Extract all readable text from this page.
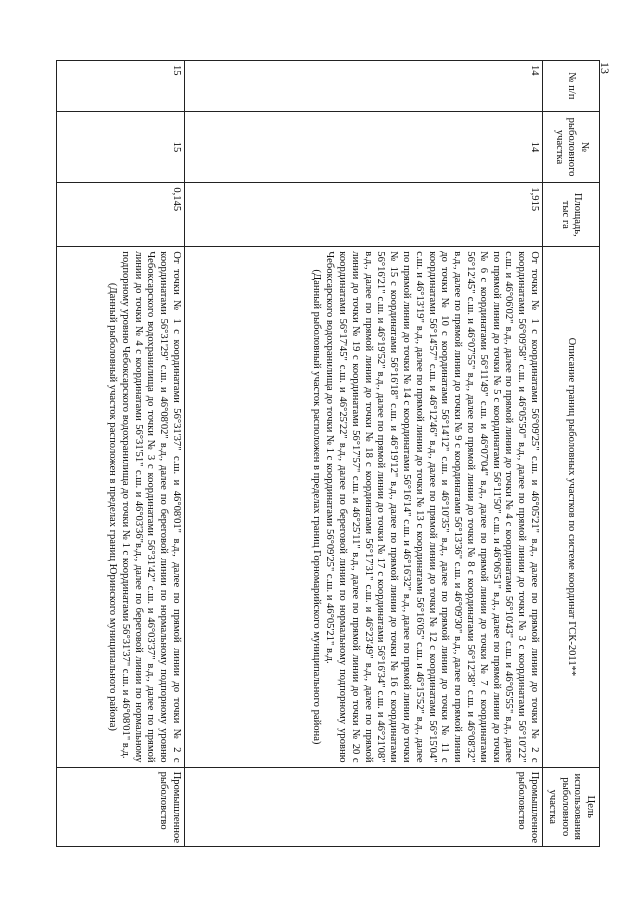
13
№ п/п	№ рыболовного участка	Площадь, тыс га	Описание границ рыболовных участков по системе координат ГСК-2011**	Цель использования рыболовного участка
14	14	1,915	От точки № 1 с координатами 56°09'25" с.ш. и 46°05'21" в.д., далее по прямой линии до точки № 2 с координатами 56°09'58" с.ш. и 46°05'50" в.д., далее по прямой линии до точки № 3 с координатами 56°10'22" с.ш. и 46°06'02" в.д., далее по прямой линии до точки № 4 с координатами 56°10'43" с.ш. и 46°05'55" в.д., далее по прямой линии до точки № 5 с координатами 56°11'50" с.ш. и 46°06'51" в.д., далее по прямой линии до точки № 6 с координатами 56°11'49" с.ш. и 46°07'04" в.д., далее по прямой линии до точки № 7 с координатами 56°12'45" с.ш. и 46°07'55" в.д., далее по прямой линии до точки № 8 с координатами 56°12'38" с.ш. и 46°08'32" в.д., далее по прямой линии до точки № 9 с координатами 56°13'36" с.ш. и 46°09'30" в.д., далее по прямой линии до точки № 10 с координатами 56°14'12" с.ш. и 46°10'35" в.д., далее по прямой линии до точки № 11 с координатами 56°14'57" с.ш. и 46°12'46" в.д., далее по прямой линии до точки № 12 с координатами 56°15'04" с.ш. и 46°13'19" в.д., далее по прямой линии до точки № 13 с координатами 56°16'05" с.ш. и 46°15'52" в.д., далее по прямой линии до точки № 14 с координатами 56°16'14" с.ш. и 46°16'32" в.д., далее по прямой линии до точки № 15 с координатами 56°16'18" с.ш. и 46°19'12" в.д., далее по прямой линии до точки № 16 с координатами 56°16'21" с.ш. и 46°19'52" в.д., далее по прямой линии до точки № 17 с координатами 56°16'34" с.ш. и 46°21'08" в.д., далее по прямой линии до точки № 18 с координатами 56°17'31" с.ш. и 46°23'49" в.д., далее по прямой линии до точки № 19 с координатами 56°17'57" с.ш. и 46°25'11" в.д., далее по прямой линии до точки № 20 с координатами 56°17'45" с.ш. и 46°25'22" в.д., далее по береговой линии по нормальному подпорному уровню Чебоксарского водохранилища до точки № 1 с координатами 56°09'25" с.ш. и 46°05'21" в.д.
(Данный рыболовный участок расположен в пределах границ Горномарийского муниципального района)	Промышленное рыболовство
15	15	0,145	От точки № 1 с координатами 56°31'37" с.ш. и 46°08'01" в.д., далее по прямой линии до точки № 2 с координатами 56°31'29" с.ш. и 46°08'02" в.д., далее по береговой линии по нормальному подпорному уровню Чебоксарского водохранилища до точки № 3 с координатами 56°31'42" с.ш. и 46°03'37" в.д., далее по прямой линии до точки № 4 с координатами 56°31'51" с.ш. и 46°03'36"в.д., далее по береговой линии по нормальному подпорному уровню Чебоксарского водохранилища до точки № 1 с координатами 56°31'37" с.ш. и 46°08'01" в.д.
(Данный рыболовный участок расположен в пределах границ Юринского муниципального района)	Промышленное рыболовство
